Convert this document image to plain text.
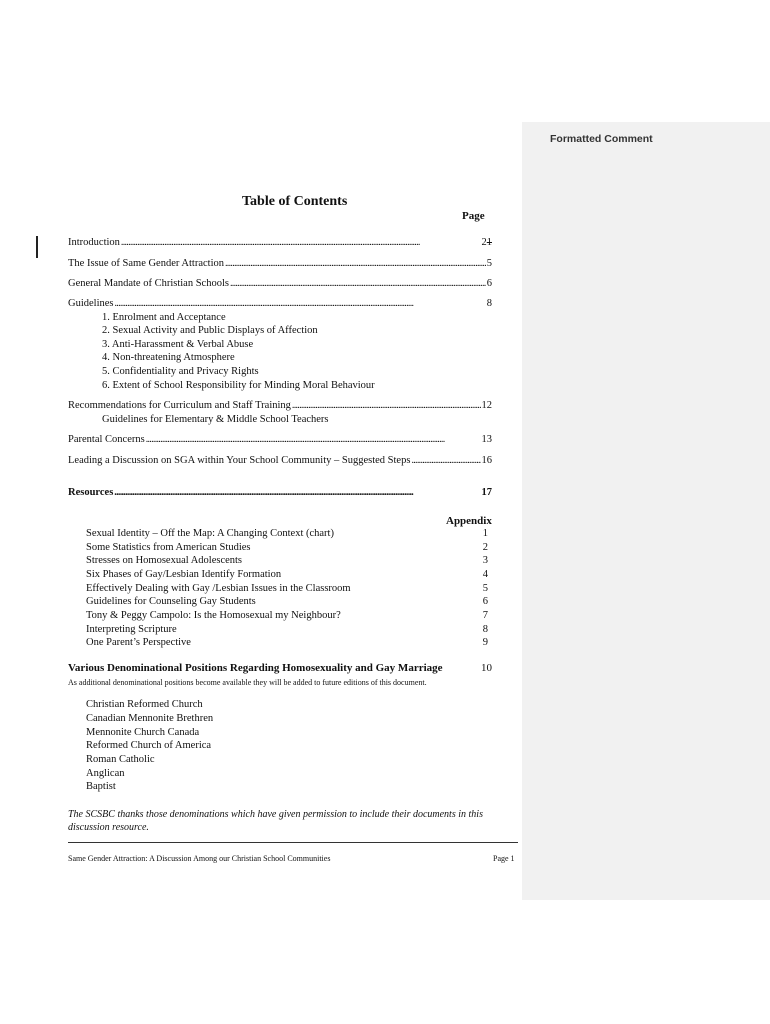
Formatted Comment
Table of Contents
Page
Introduction . . .	21
The Issue of Same Gender Attraction . . .	5
General Mandate of Christian Schools . . .	6
Guidelines . . .	8
1. Enrolment and Acceptance
2. Sexual Activity and Public Displays of Affection
3. Anti-Harassment & Verbal Abuse
4. Non-threatening Atmosphere
5. Confidentiality and Privacy Rights
6. Extent of School Responsibility for Minding Moral Behaviour
Recommendations for Curriculum and Staff Training . . .	12
Guidelines for Elementary & Middle School Teachers
Parental Concerns . . .	13
Leading a Discussion on SGA within Your School Community – Suggested Steps . . .	16
Resources . . .	17
Appendix
Sexual Identity – Off the Map: A Changing Context (chart)	1
Some Statistics from American Studies	2
Stresses on Homosexual Adolescents	3
Six Phases of Gay/Lesbian Identify Formation	4
Effectively Dealing with Gay /Lesbian Issues in the Classroom	5
Guidelines for Counseling Gay Students	6
Tony & Peggy Campolo: Is the Homosexual my Neighbour?	7
Interpreting Scripture	8
One Parent’s Perspective	9
Various Denominational Positions Regarding Homosexuality and Gay Marriage	10
As additional denominational positions become available they will be added to future editions of this document.
Christian Reformed Church
Canadian Mennonite Brethren
Mennonite Church Canada
Reformed Church of America
Roman Catholic
Anglican
Baptist
The SCSBC thanks those denominations which have given permission to include their documents in this discussion resource.
Same Gender Attraction: A Discussion Among our Christian School Communities	Page 1
